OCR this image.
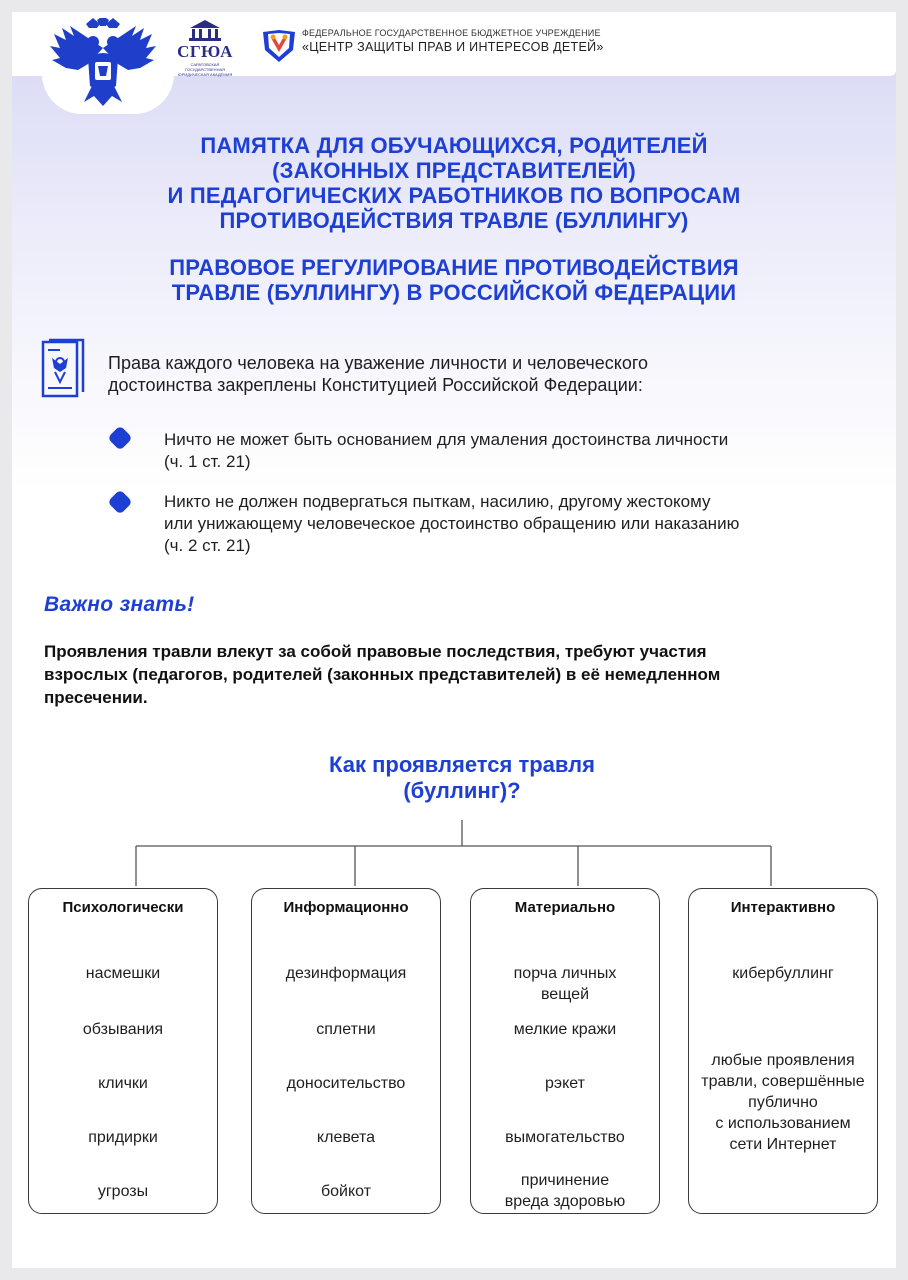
СГЮА
САРАТОВСКАЯ ГОСУДАРСТВЕННАЯ ЮРИДИЧЕСКАЯ АКАДЕМИЯ
ФЕДЕРАЛЬНОЕ ГОСУДАРСТВЕННОЕ БЮДЖЕТНОЕ УЧРЕЖДЕНИЕ
«ЦЕНТР ЗАЩИТЫ ПРАВ И ИНТЕРЕСОВ ДЕТЕЙ»
ПАМЯТКА ДЛЯ ОБУЧАЮЩИХСЯ, РОДИТЕЛЕЙ
(ЗАКОННЫХ ПРЕДСТАВИТЕЛЕЙ)
И ПЕДАГОГИЧЕСКИХ РАБОТНИКОВ ПО ВОПРОСАМ
ПРОТИВОДЕЙСТВИЯ ТРАВЛЕ (БУЛЛИНГУ)
ПРАВОВОЕ РЕГУЛИРОВАНИЕ ПРОТИВОДЕЙСТВИЯ
ТРАВЛЕ (БУЛЛИНГУ) В РОССИЙСКОЙ ФЕДЕРАЦИИ
Права каждого человека на уважение личности и человеческого
достоинства закреплены Конституцией Российской Федерации:
Ничто не может быть основанием для умаления достоинства личности
(ч. 1 ст. 21)
Никто не должен подвергаться пыткам, насилию, другому жестокому
или унижающему человеческое достоинство обращению или наказанию
(ч. 2 ст. 21)
Важно знать!
Проявления травли влекут за собой правовые последствия, требуют участия
взрослых (педагогов, родителей (законных представителей) в её немедленном
пресечении.
Как проявляется травля
(буллинг)?
Психологически
насмешки
обзывания
клички
придирки
угрозы
Информационно
дезинформация
сплетни
доносительство
клевета
бойкот
Материально
порча личных
вещей
мелкие кражи
рэкет
вымогательство
причинение
вреда здоровью
Интерактивно
кибербуллинг
любые проявления
травли, совершённые
публично
с использованием
сети Интернет
